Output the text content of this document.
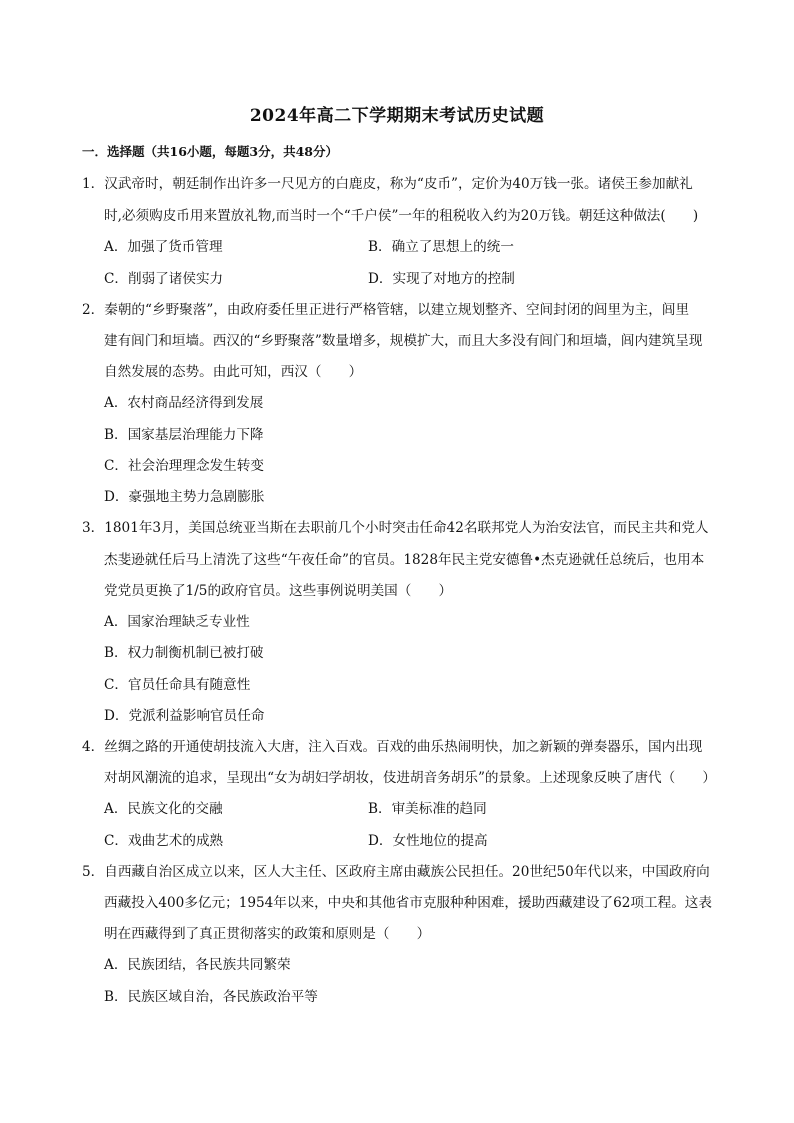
2024年高二下学期期末考试历史试题
一．选择题（共16小题，每题3分，共48分）
1．汉武帝时，朝廷制作出许多一尺见方的白鹿皮，称为“皮币”，定价为40万钱一张。诸侯王参加献礼
时,必须购皮币用来置放礼物,而当时一个“千户侯”一年的租税收入约为20万钱。朝廷这种做法(　　)
A．加强了货币管理	B．确立了思想上的统一
C．削弱了诸侯实力	D．实现了对地方的控制
2．秦朝的“乡野聚落”，由政府委任里正进行严格管辖，以建立规划整齐、空间封闭的闾里为主，闾里
建有闾门和垣墙。西汉的“乡野聚落”数量增多，规模扩大，而且大多没有闾门和垣墙，闾内建筑呈现
自然发展的态势。由此可知，西汉（　　）
A．农村商品经济得到发展
B．国家基层治理能力下降
C．社会治理理念发生转变
D．豪强地主势力急剧膨胀
3．1801年3月，美国总统亚当斯在去职前几个小时突击任命42名联邦党人为治安法官，而民主共和党人
杰斐逊就任后马上清洗了这些“午夜任命”的官员。1828年民主党安德鲁•杰克逊就任总统后，也用本
党党员更换了1/5的政府官员。这些事例说明美国（　　）
A．国家治理缺乏专业性
B．权力制衡机制已被打破
C．官员任命具有随意性
D．党派利益影响官员任命
4．丝绸之路的开通使胡技流入大唐，注入百戏。百戏的曲乐热闹明快，加之新颖的弹奏器乐，国内出现
对胡风潮流的追求，呈现出“女为胡妇学胡妆，伎进胡音务胡乐”的景象。上述现象反映了唐代（　　）
A．民族文化的交融	B．审美标准的趋同
C．戏曲艺术的成熟	D．女性地位的提高
5．自西藏自治区成立以来，区人大主任、区政府主席由藏族公民担任。20世纪50年代以来，中国政府向
西藏投入400多亿元；1954年以来，中央和其他省市克服种种困难，援助西藏建设了62项工程。这表
明在西藏得到了真正贯彻落实的政策和原则是（　　）
A．民族团结，各民族共同繁荣
B．民族区域自治，各民族政治平等
